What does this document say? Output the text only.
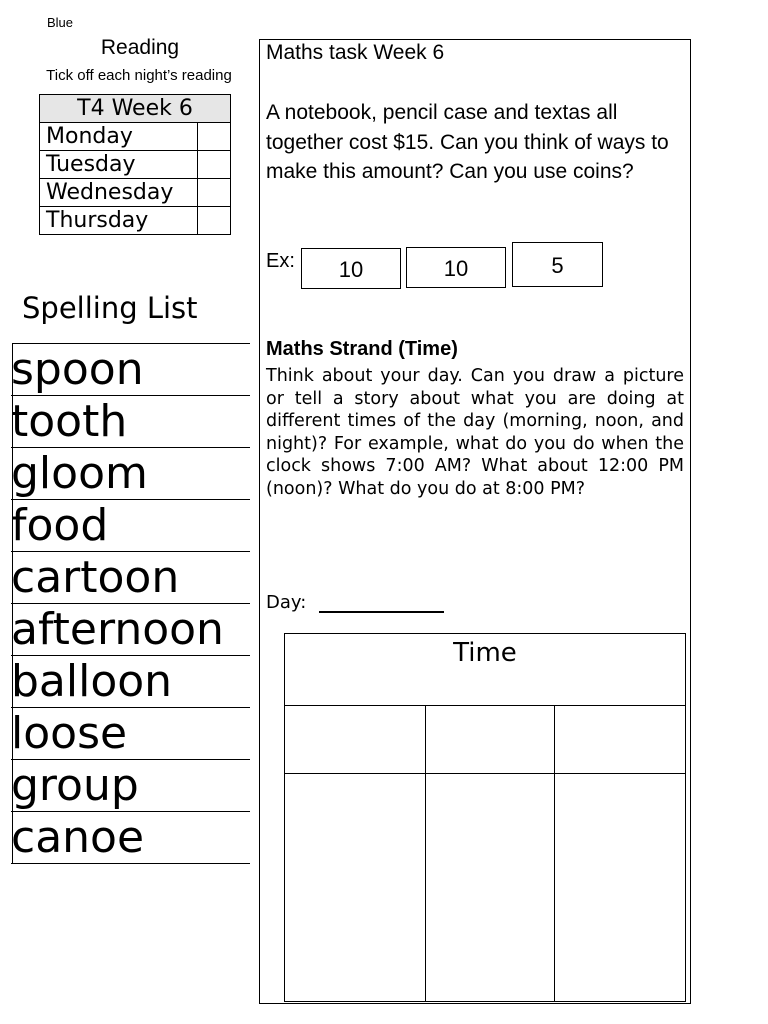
Blue
Reading
Tick off each night’s reading
T4 Week 6	
Monday	
Tuesday	
Wednesday	
Thursday	
Spelling List
spoon
tooth
gloom
food
cartoon
afternoon
balloon
loose
group
canoe
Maths task Week 6
A notebook, pencil case and textas all together cost $15. Can you think of ways to make this amount? Can you use coins?
Ex:	10	10	5
Maths Strand (Time)
Think about your day. Can you draw a picture or tell a story about what you are doing at different times of the day (morning, noon, and night)? For example, what do you do when the clock shows 7:00 AM? What about 12:00 PM (noon)? What do you do at 8:00 PM?
Day:
Time		
